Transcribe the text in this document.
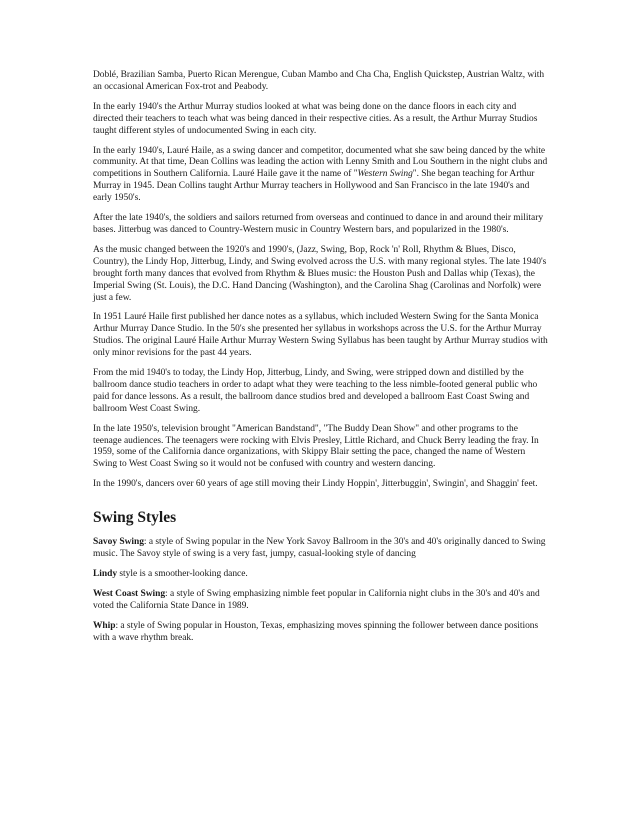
Doblé, Brazilian Samba, Puerto Rican Merengue, Cuban Mambo and Cha Cha, English Quickstep, Austrian Waltz, with an occasional American Fox-trot and Peabody.

In the early 1940's the Arthur Murray studios looked at what was being done on the dance floors in each city and directed their teachers to teach what was being danced in their respective cities. As a result, the Arthur Murray Studios taught different styles of undocumented Swing in each city.

In the early 1940's, Lauré Haile, as a swing dancer and competitor, documented what she saw being danced by the white community. At that time, Dean Collins was leading the action with Lenny Smith and Lou Southern in the night clubs and competitions in Southern California. Lauré Haile gave it the name of "Western Swing". She began teaching for Arthur Murray in 1945. Dean Collins taught Arthur Murray teachers in Hollywood and San Francisco in the late 1940's and early 1950's.

After the late 1940's, the soldiers and sailors returned from overseas and continued to dance in and around their military bases. Jitterbug was danced to Country-Western music in Country Western bars, and popularized in the 1980's.

As the music changed between the 1920's and 1990's, (Jazz, Swing, Bop, Rock 'n' Roll, Rhythm & Blues, Disco, Country), the Lindy Hop, Jitterbug, Lindy, and Swing evolved across the U.S. with many regional styles. The late 1940's brought forth many dances that evolved from Rhythm & Blues music: the Houston Push and Dallas whip (Texas), the Imperial Swing (St. Louis), the D.C. Hand Dancing (Washington), and the Carolina Shag (Carolinas and Norfolk) were just a few.

In 1951 Lauré Haile first published her dance notes as a syllabus, which included Western Swing for the Santa Monica Arthur Murray Dance Studio. In the 50's she presented her syllabus in workshops across the U.S. for the Arthur Murray Studios. The original Lauré Haile Arthur Murray Western Swing Syllabus has been taught by Arthur Murray studios with only minor revisions for the past 44 years.

From the mid 1940's to today, the Lindy Hop, Jitterbug, Lindy, and Swing, were stripped down and distilled by the ballroom dance studio teachers in order to adapt what they were teaching to the less nimble-footed general public who paid for dance lessons. As a result, the ballroom dance studios bred and developed a ballroom East Coast Swing and ballroom West Coast Swing.

In the late 1950's, television brought "American Bandstand", "The Buddy Dean Show" and other programs to the teenage audiences. The teenagers were rocking with Elvis Presley, Little Richard, and Chuck Berry leading the fray. In 1959, some of the California dance organizations, with Skippy Blair setting the pace, changed the name of Western Swing to West Coast Swing so it would not be confused with country and western dancing.

In the 1990's, dancers over 60 years of age still moving their Lindy Hoppin', Jitterbuggin', Swingin', and Shaggin' feet.

Swing Styles

Savoy Swing: a style of Swing popular in the New York Savoy Ballroom in the 30's and 40's originally danced to Swing music. The Savoy style of swing is a very fast, jumpy, casual-looking style of dancing

Lindy style is a smoother-looking dance.

West Coast Swing: a style of Swing emphasizing nimble feet popular in California night clubs in the 30's and 40's and voted the California State Dance in 1989.

Whip: a style of Swing popular in Houston, Texas, emphasizing moves spinning the follower between dance positions with a wave rhythm break.
